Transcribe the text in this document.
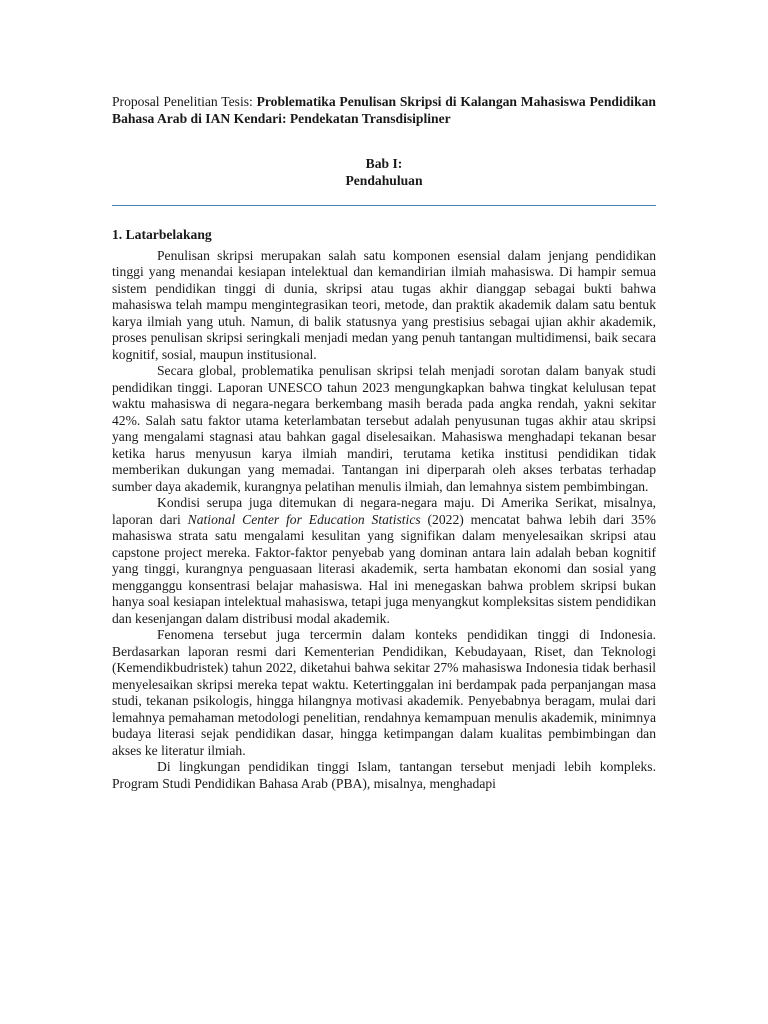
Proposal Penelitian Tesis: Problematika Penulisan Skripsi di Kalangan Mahasiswa Pendidikan Bahasa Arab di IAN Kendari: Pendekatan Transdisipliner

Bab I:
Pendahuluan
1. Latarbelakang

Penulisan skripsi merupakan salah satu komponen esensial dalam jenjang pendidikan tinggi yang menandai kesiapan intelektual dan kemandirian ilmiah mahasiswa. Di hampir semua sistem pendidikan tinggi di dunia, skripsi atau tugas akhir dianggap sebagai bukti bahwa mahasiswa telah mampu mengintegrasikan teori, metode, dan praktik akademik dalam satu bentuk karya ilmiah yang utuh. Namun, di balik statusnya yang prestisius sebagai ujian akhir akademik, proses penulisan skripsi seringkali menjadi medan yang penuh tantangan multidimensi, baik secara kognitif, sosial, maupun institusional.

Secara global, problematika penulisan skripsi telah menjadi sorotan dalam banyak studi pendidikan tinggi. Laporan UNESCO tahun 2023 mengungkapkan bahwa tingkat kelulusan tepat waktu mahasiswa di negara-negara berkembang masih berada pada angka rendah, yakni sekitar 42%. Salah satu faktor utama keterlambatan tersebut adalah penyusunan tugas akhir atau skripsi yang mengalami stagnasi atau bahkan gagal diselesaikan. Mahasiswa menghadapi tekanan besar ketika harus menyusun karya ilmiah mandiri, terutama ketika institusi pendidikan tidak memberikan dukungan yang memadai. Tantangan ini diperparah oleh akses terbatas terhadap sumber daya akademik, kurangnya pelatihan menulis ilmiah, dan lemahnya sistem pembimbingan.

Kondisi serupa juga ditemukan di negara-negara maju. Di Amerika Serikat, misalnya, laporan dari National Center for Education Statistics (2022) mencatat bahwa lebih dari 35% mahasiswa strata satu mengalami kesulitan yang signifikan dalam menyelesaikan skripsi atau capstone project mereka. Faktor-faktor penyebab yang dominan antara lain adalah beban kognitif yang tinggi, kurangnya penguasaan literasi akademik, serta hambatan ekonomi dan sosial yang mengganggu konsentrasi belajar mahasiswa. Hal ini menegaskan bahwa problem skripsi bukan hanya soal kesiapan intelektual mahasiswa, tetapi juga menyangkut kompleksitas sistem pendidikan dan kesenjangan dalam distribusi modal akademik.

Fenomena tersebut juga tercermin dalam konteks pendidikan tinggi di Indonesia. Berdasarkan laporan resmi dari Kementerian Pendidikan, Kebudayaan, Riset, dan Teknologi (Kemendikbudristek) tahun 2022, diketahui bahwa sekitar 27% mahasiswa Indonesia tidak berhasil menyelesaikan skripsi mereka tepat waktu. Ketertinggalan ini berdampak pada perpanjangan masa studi, tekanan psikologis, hingga hilangnya motivasi akademik. Penyebabnya beragam, mulai dari lemahnya pemahaman metodologi penelitian, rendahnya kemampuan menulis akademik, minimnya budaya literasi sejak pendidikan dasar, hingga ketimpangan dalam kualitas pembimbingan dan akses ke literatur ilmiah.

Di lingkungan pendidikan tinggi Islam, tantangan tersebut menjadi lebih kompleks. Program Studi Pendidikan Bahasa Arab (PBA), misalnya, menghadapi
